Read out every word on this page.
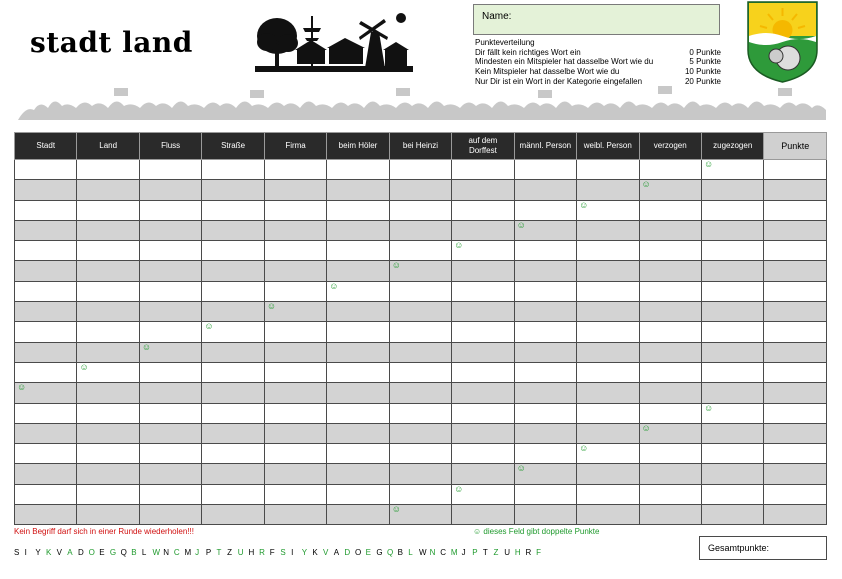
stadt land
Name:
Punkteverteilung
Dir fällt kein richtiges Wort ein	0 Punkte
Mindesten ein Mitspieler hat dasselbe Wort wie du	5 Punkte
Kein Mitspieler hat dasselbe Wort wie du	10 Punkte
Nur Dir ist ein Wort in der Kategorie eingefallen	20 Punkte
Stadt	Land	Fluss	Straße	Firma	beim Höler	bei Heinzi	auf dem Dorffest	männl. Person	weibl. Person	verzogen	zugezogen	Punkte
											☺	
										☺		
									☺			
								☺				
							☺					
						☺						
					☺							
				☺								
			☺									
		☺										
	☺											
☺												
											☺	
										☺		
									☺			
								☺				
							☺					
						☺						
Kein Begriff darf sich in einer Runde wiederholen!!!	☺ dieses Feld gibt doppelte Punkte
S I	Y K V A D O E G Q B L W N C M J P T Z U H R F S I	Y K V A D O E G Q B L W N C M J P T Z U H R F	Gesamtpunkte:
